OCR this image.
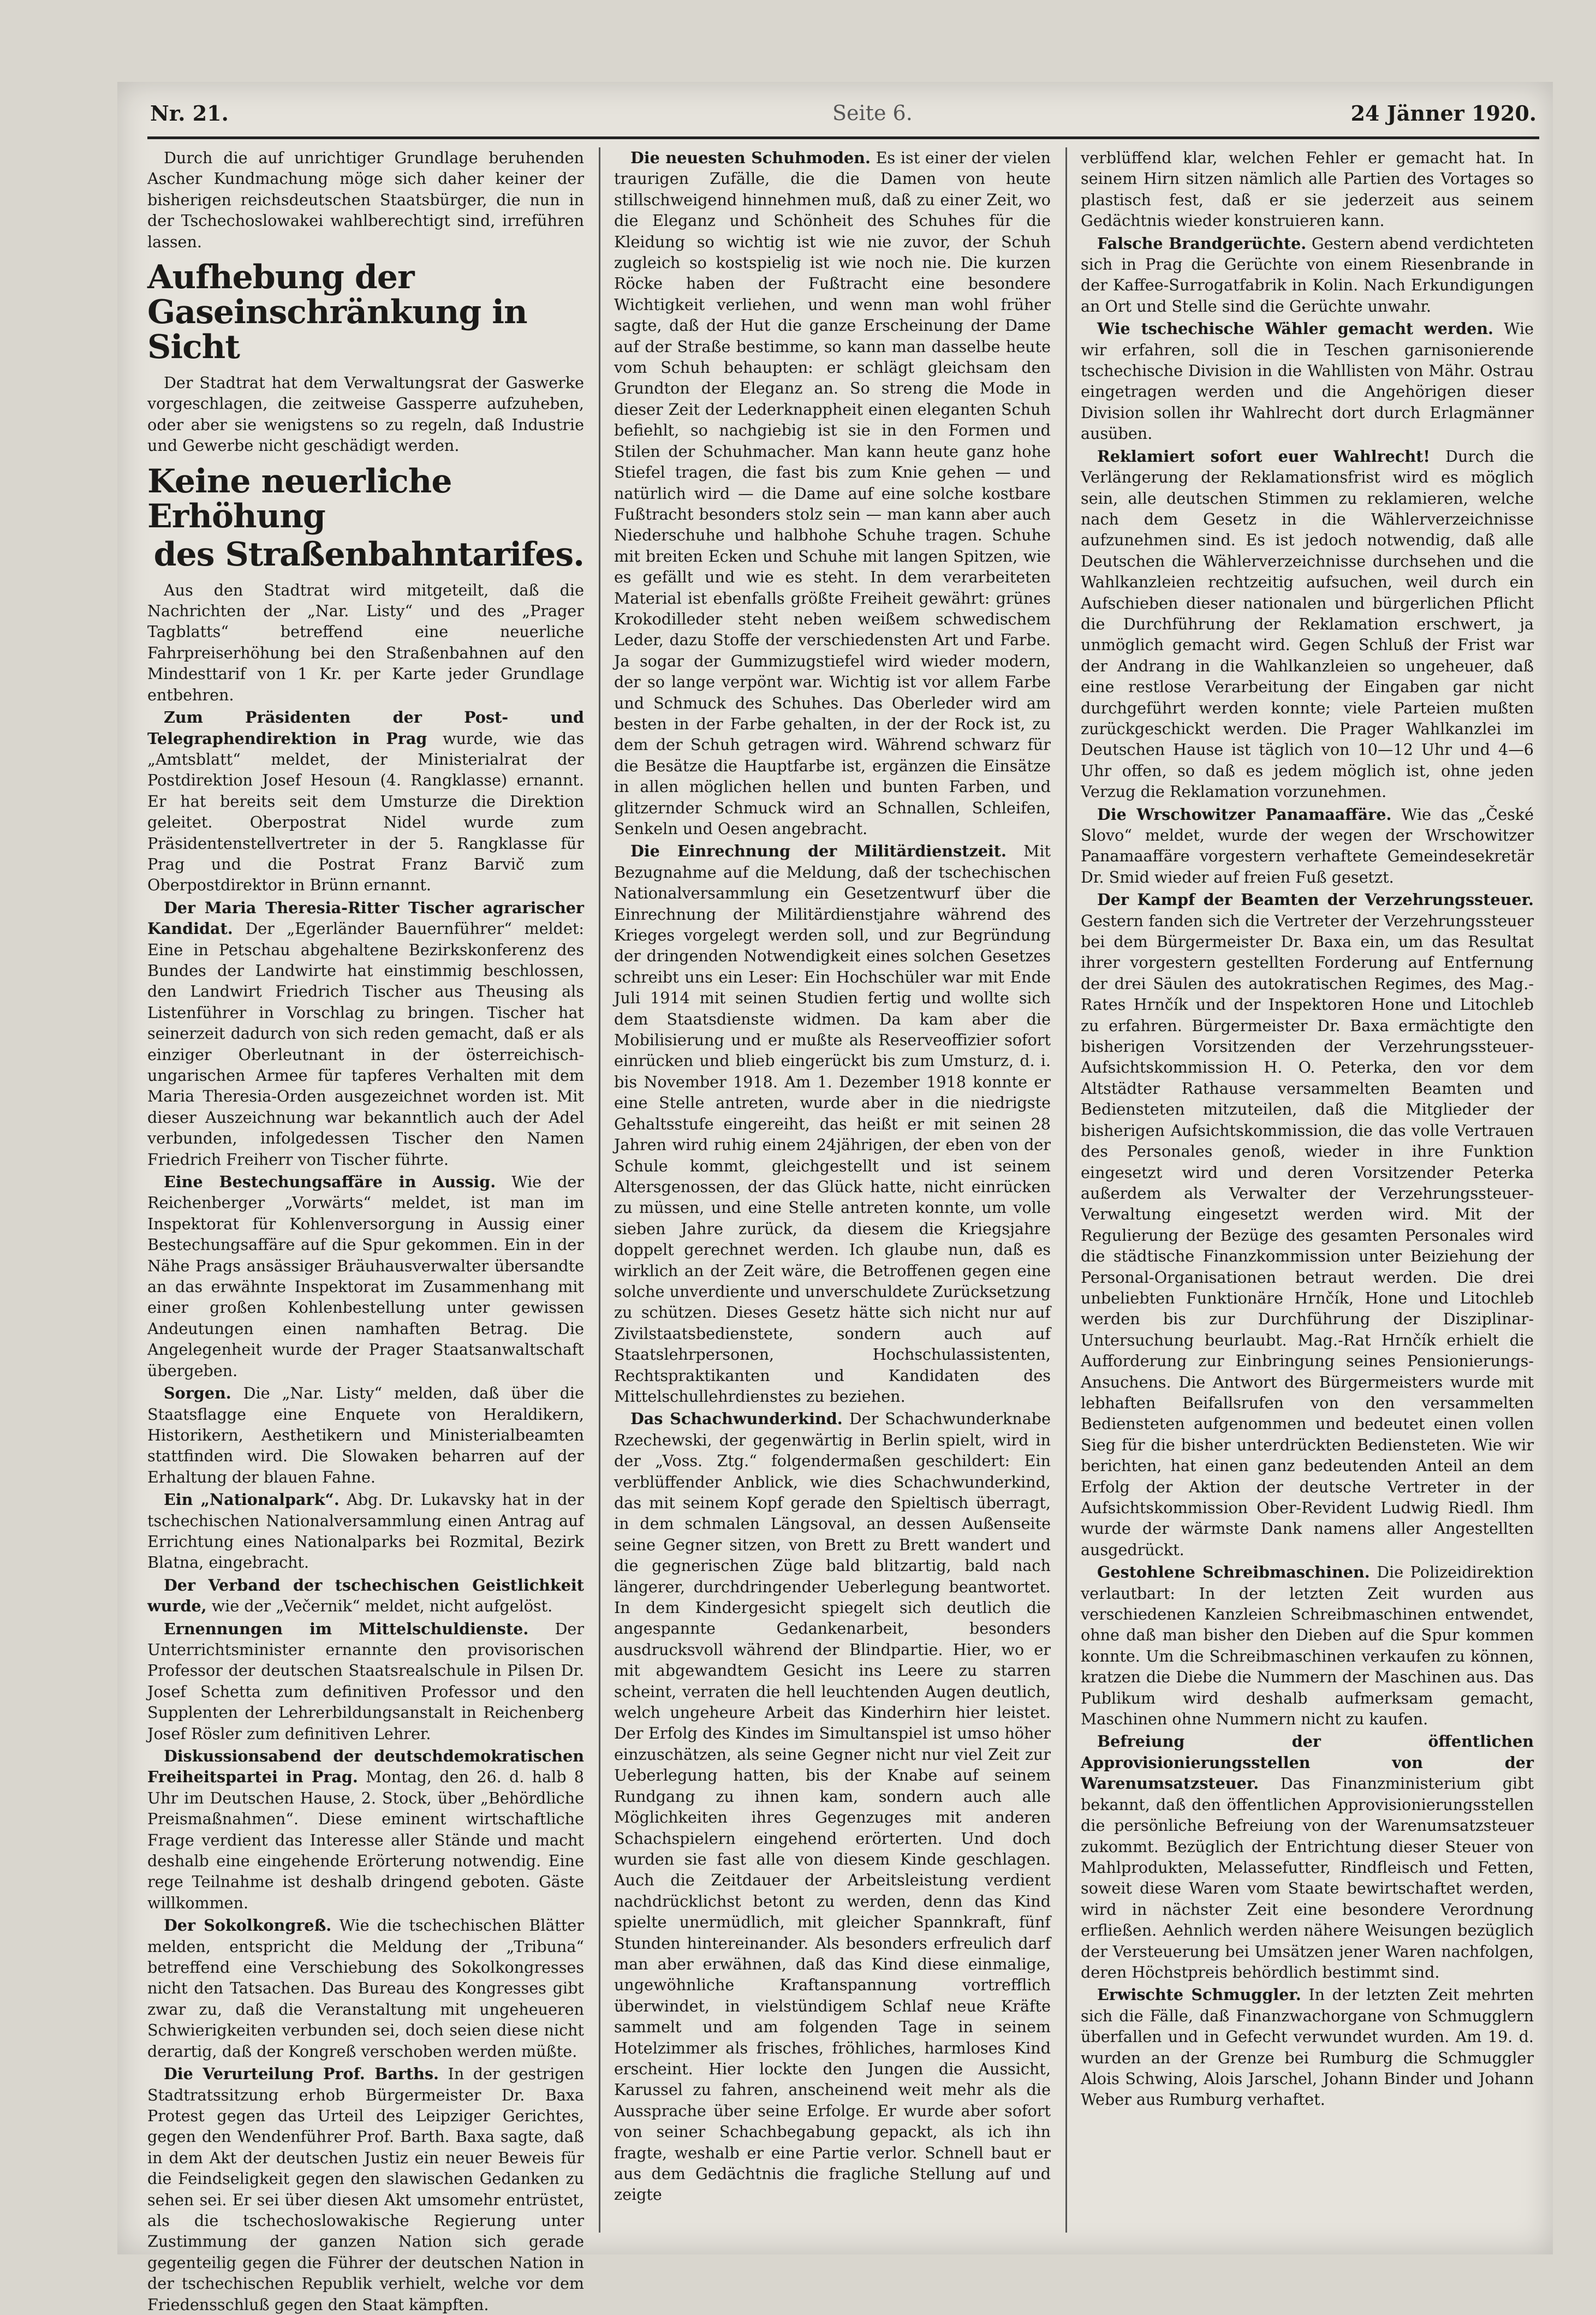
Nr. 21.	Seite 6.	24 Jänner 1920.

Durch die auf unrichtiger Grundlage beruhenden Ascher Kundmachung möge sich daher keiner der bisherigen reichsdeutschen Staatsbürger, die nun in der Tschechoslowakei wahlberechtigt sind, irreführen lassen.

Aufhebung der Gaseinschränkung in Sicht

Der Stadtrat hat dem Verwaltungsrat der Gaswerke vorgeschlagen, die zeitweise Gassperre aufzuheben, oder aber sie wenigstens so zu regeln, daß Industrie und Gewerbe nicht geschädigt werden.

Keine neuerliche Erhöhung
des Straßenbahntarifes.

Aus den Stadtrat wird mitgeteilt, daß die Nachrichten der „Nar. Listy“ und des „Prager Tagblatts“ betreffend eine neuerliche Fahrpreiserhöhung bei den Straßenbahnen auf den Mindesttarif von 1 Kr. per Karte jeder Grundlage entbehren.

Zum Präsidenten der Post- und Telegraphendirektion in Prag wurde, wie das „Amtsblatt“ meldet, der Ministerialrat der Postdirektion Josef Hesoun (4. Rangklasse) ernannt. Er hat bereits seit dem Umsturze die Direktion geleitet. Oberpostrat Nidel wurde zum Präsidentenstellvertreter in der 5. Rangklasse für Prag und die Postrat Franz Barvič zum Oberpostdirektor in Brünn ernannt.

Der Maria Theresia-Ritter Tischer agrarischer Kandidat. Der „Egerländer Bauernführer“ meldet: Eine in Petschau abgehaltene Bezirkskonferenz des Bundes der Landwirte hat einstimmig beschlossen, den Landwirt Friedrich Tischer aus Theusing als Listenführer in Vorschlag zu bringen. Tischer hat seinerzeit dadurch von sich reden gemacht, daß er als einziger Oberleutnant in der österreichisch-ungarischen Armee für tapferes Verhalten mit dem Maria Theresia-Orden ausgezeichnet worden ist. Mit dieser Auszeichnung war bekanntlich auch der Adel verbunden, infolgedessen Tischer den Namen Friedrich Freiherr von Tischer führte.

Eine Bestechungsaffäre in Aussig. Wie der Reichenberger „Vorwärts“ meldet, ist man im Inspektorat für Kohlenversorgung in Aussig einer Bestechungsaffäre auf die Spur gekommen. Ein in der Nähe Prags ansässiger Bräuhausverwalter übersandte an das erwähnte Inspektorat im Zusammenhang mit einer großen Kohlenbestellung unter gewissen Andeutungen einen namhaften Betrag. Die Angelegenheit wurde der Prager Staatsanwaltschaft übergeben.

Sorgen. Die „Nar. Listy“ melden, daß über die Staatsflagge eine Enquete von Heraldikern, Historikern, Aesthetikern und Ministerialbeamten stattfinden wird. Die Slowaken beharren auf der Erhaltung der blauen Fahne.

Ein „Nationalpark“. Abg. Dr. Lukavsky hat in der tschechischen Nationalversammlung einen Antrag auf Errichtung eines Nationalparks bei Rozmital, Bezirk Blatna, eingebracht.

Der Verband der tschechischen Geistlichkeit wurde, wie der „Večernik“ meldet, nicht aufgelöst.

Ernennungen im Mittelschuldienste. Der Unterrichtsminister ernannte den provisorischen Professor der deutschen Staatsrealschule in Pilsen Dr. Josef Schetta zum definitiven Professor und den Supplenten der Lehrerbildungsanstalt in Reichenberg Josef Rösler zum definitiven Lehrer.

Diskussionsabend der deutschdemokratischen Freiheitspartei in Prag. Montag, den 26. d. halb 8 Uhr im Deutschen Hause, 2. Stock, über „Behördliche Preismaßnahmen“. Diese eminent wirtschaftliche Frage verdient das Interesse aller Stände und macht deshalb eine eingehende Erörterung notwendig. Eine rege Teilnahme ist deshalb dringend geboten. Gäste willkommen.

Der Sokolkongreß. Wie die tschechischen Blätter melden, entspricht die Meldung der „Tribuna“ betreffend eine Verschiebung des Sokolkongresses nicht den Tatsachen. Das Bureau des Kongresses gibt zwar zu, daß die Veranstaltung mit ungeheueren Schwierigkeiten verbunden sei, doch seien diese nicht derartig, daß der Kongreß verschoben werden müßte.

Die Verurteilung Prof. Barths. In der gestrigen Stadtratssitzung erhob Bürgermeister Dr. Baxa Protest gegen das Urteil des Leipziger Gerichtes, gegen den Wendenführer Prof. Barth. Baxa sagte, daß in dem Akt der deutschen Justiz ein neuer Beweis für die Feindseligkeit gegen den slawischen Gedanken zu sehen sei. Er sei über diesen Akt umsomehr entrüstet, als die tschechoslowakische Regierung unter Zustimmung der ganzen Nation sich gerade gegenteilig gegen die Führer der deutschen Nation in der tschechischen Republik verhielt, welche vor dem Friedensschluß gegen den Staat kämpften.

Die neuesten Schuhmoden. Es ist einer der vielen traurigen Zufälle, die die Damen von heute stillschweigend hinnehmen muß, daß zu einer Zeit, wo die Eleganz und Schönheit des Schuhes für die Kleidung so wichtig ist wie nie zuvor, der Schuh zugleich so kostspielig ist wie noch nie. Die kurzen Röcke haben der Fußtracht eine besondere Wichtigkeit verliehen, und wenn man wohl früher sagte, daß der Hut die ganze Erscheinung der Dame auf der Straße bestimme, so kann man dasselbe heute vom Schuh behaupten: er schlägt gleichsam den Grundton der Eleganz an. So streng die Mode in dieser Zeit der Lederknappheit einen eleganten Schuh befiehlt, so nachgiebig ist sie in den Formen und Stilen der Schuhmacher. Man kann heute ganz hohe Stiefel tragen, die fast bis zum Knie gehen — und natürlich wird — die Dame auf eine solche kostbare Fußtracht besonders stolz sein — man kann aber auch Niederschuhe und halbhohe Schuhe tragen. Schuhe mit breiten Ecken und Schuhe mit langen Spitzen, wie es gefällt und wie es steht. In dem verarbeiteten Material ist ebenfalls größte Freiheit gewährt: grünes Krokodilleder steht neben weißem schwedischem Leder, dazu Stoffe der verschiedensten Art und Farbe. Ja sogar der Gummizugstiefel wird wieder modern, der so lange verpönt war. Wichtig ist vor allem Farbe und Schmuck des Schuhes. Das Oberleder wird am besten in der Farbe gehalten, in der der Rock ist, zu dem der Schuh getragen wird. Während schwarz für die Besätze die Hauptfarbe ist, ergänzen die Einsätze in allen möglichen hellen und bunten Farben, und glitzernder Schmuck wird an Schnallen, Schleifen, Senkeln und Oesen angebracht.

Die Einrechnung der Militärdienstzeit. Mit Bezugnahme auf die Meldung, daß der tschechischen Nationalversammlung ein Gesetzentwurf über die Einrechnung der Militärdienstjahre während des Krieges vorgelegt werden soll, und zur Begründung der dringenden Notwendigkeit eines solchen Gesetzes schreibt uns ein Leser: Ein Hochschüler war mit Ende Juli 1914 mit seinen Studien fertig und wollte sich dem Staatsdienste widmen. Da kam aber die Mobilisierung und er mußte als Reserveoffizier sofort einrücken und blieb eingerückt bis zum Umsturz, d. i. bis November 1918. Am 1. Dezember 1918 konnte er eine Stelle antreten, wurde aber in die niedrigste Gehaltsstufe eingereiht, das heißt er mit seinen 28 Jahren wird ruhig einem 24jährigen, der eben von der Schule kommt, gleichgestellt und ist seinem Altersgenossen, der das Glück hatte, nicht einrücken zu müssen, und eine Stelle antreten konnte, um volle sieben Jahre zurück, da diesem die Kriegsjahre doppelt gerechnet werden. Ich glaube nun, daß es wirklich an der Zeit wäre, die Betroffenen gegen eine solche unverdiente und unverschuldete Zurücksetzung zu schützen. Dieses Gesetz hätte sich nicht nur auf Zivilstaatsbedienstete, sondern auch auf Staatslehrpersonen, Hochschulassistenten, Rechtspraktikanten und Kandidaten des Mittelschullehrdienstes zu beziehen.

Das Schachwunderkind. Der Schachwunderknabe Rzechewski, der gegenwärtig in Berlin spielt, wird in der „Voss. Ztg.“ folgendermaßen geschildert: Ein verblüffender Anblick, wie dies Schachwunderkind, das mit seinem Kopf gerade den Spieltisch überragt, in dem schmalen Längsoval, an dessen Außenseite seine Gegner sitzen, von Brett zu Brett wandert und die gegnerischen Züge bald blitzartig, bald nach längerer, durchdringender Ueberlegung beantwortet. In dem Kindergesicht spiegelt sich deutlich die angespannte Gedankenarbeit, besonders ausdrucksvoll während der Blindpartie. Hier, wo er mit abgewandtem Gesicht ins Leere zu starren scheint, verraten die hell leuchtenden Augen deutlich, welch ungeheure Arbeit das Kinderhirn hier leistet. Der Erfolg des Kindes im Simultanspiel ist umso höher einzuschätzen, als seine Gegner nicht nur viel Zeit zur Ueberlegung hatten, bis der Knabe auf seinem Rundgang zu ihnen kam, sondern auch alle Möglichkeiten ihres Gegenzuges mit anderen Schachspielern eingehend erörterten. Und doch wurden sie fast alle von diesem Kinde geschlagen. Auch die Zeitdauer der Arbeitsleistung verdient nachdrücklichst betont zu werden, denn das Kind spielte unermüdlich, mit gleicher Spannkraft, fünf Stunden hintereinander. Als besonders erfreulich darf man aber erwähnen, daß das Kind diese einmalige, ungewöhnliche Kraftanspannung vortrefflich überwindet, in vielstündigem Schlaf neue Kräfte sammelt und am folgenden Tage in seinem Hotelzimmer als frisches, fröhliches, harmloses Kind erscheint. Hier lockte den Jungen die Aussicht, Karussel zu fahren, anscheinend weit mehr als die Aussprache über seine Erfolge. Er wurde aber sofort von seiner Schachbegabung gepackt, als ich ihn fragte, weshalb er eine Partie verlor. Schnell baut er aus dem Gedächtnis die fragliche Stellung auf und zeigte

verblüffend klar, welchen Fehler er gemacht hat. In seinem Hirn sitzen nämlich alle Partien des Vortages so plastisch fest, daß er sie jederzeit aus seinem Gedächtnis wieder konstruieren kann.

Falsche Brandgerüchte. Gestern abend verdichteten sich in Prag die Gerüchte von einem Riesenbrande in der Kaffee-Surrogatfabrik in Kolin. Nach Erkundigungen an Ort und Stelle sind die Gerüchte unwahr.

Wie tschechische Wähler gemacht werden. Wie wir erfahren, soll die in Teschen garnisonierende tschechische Division in die Wahllisten von Mähr. Ostrau eingetragen werden und die Angehörigen dieser Division sollen ihr Wahlrecht dort durch Erlagmänner ausüben.

Reklamiert sofort euer Wahlrecht! Durch die Verlängerung der Reklamationsfrist wird es möglich sein, alle deutschen Stimmen zu reklamieren, welche nach dem Gesetz in die Wählerverzeichnisse aufzunehmen sind. Es ist jedoch notwendig, daß alle Deutschen die Wählerverzeichnisse durchsehen und die Wahlkanzleien rechtzeitig aufsuchen, weil durch ein Aufschieben dieser nationalen und bürgerlichen Pflicht die Durchführung der Reklamation erschwert, ja unmöglich gemacht wird. Gegen Schluß der Frist war der Andrang in die Wahlkanzleien so ungeheuer, daß eine restlose Verarbeitung der Eingaben gar nicht durchgeführt werden konnte; viele Parteien mußten zurückgeschickt werden. Die Prager Wahlkanzlei im Deutschen Hause ist täglich von 10—12 Uhr und 4—6 Uhr offen, so daß es jedem möglich ist, ohne jeden Verzug die Reklamation vorzunehmen.

Die Wrschowitzer Panamaaffäre. Wie das „České Slovo“ meldet, wurde der wegen der Wrschowitzer Panamaaffäre vorgestern verhaftete Gemeindesekretär Dr. Smid wieder auf freien Fuß gesetzt.

Der Kampf der Beamten der Verzehrungssteuer. Gestern fanden sich die Vertreter der Verzehrungssteuer bei dem Bürgermeister Dr. Baxa ein, um das Resultat ihrer vorgestern gestellten Forderung auf Entfernung der drei Säulen des autokratischen Regimes, des Mag.-Rates Hrnčík und der Inspektoren Hone und Litochleb zu erfahren. Bürgermeister Dr. Baxa ermächtigte den bisherigen Vorsitzenden der Verzehrungssteuer-Aufsichtskommission H. O. Peterka, den vor dem Altstädter Rathause versammelten Beamten und Bediensteten mitzuteilen, daß die Mitglieder der bisherigen Aufsichtskommission, die das volle Vertrauen des Personales genoß, wieder in ihre Funktion eingesetzt wird und deren Vorsitzender Peterka außerdem als Verwalter der Verzehrungssteuer-Verwaltung eingesetzt werden wird. Mit der Regulierung der Bezüge des gesamten Personales wird die städtische Finanzkommission unter Beiziehung der Personal-Organisationen betraut werden. Die drei unbeliebten Funktionäre Hrnčík, Hone und Litochleb werden bis zur Durchführung der Disziplinar-Untersuchung beurlaubt. Mag.-Rat Hrnčík erhielt die Aufforderung zur Einbringung seines Pensionierungs-Ansuchens. Die Antwort des Bürgermeisters wurde mit lebhaften Beifallsrufen von den versammelten Bediensteten aufgenommen und bedeutet einen vollen Sieg für die bisher unterdrückten Bediensteten. Wie wir berichten, hat einen ganz bedeutenden Anteil an dem Erfolg der Aktion der deutsche Vertreter in der Aufsichtskommission Ober-Revident Ludwig Riedl. Ihm wurde der wärmste Dank namens aller Angestellten ausgedrückt.

Gestohlene Schreibmaschinen. Die Polizeidirektion verlautbart: In der letzten Zeit wurden aus verschiedenen Kanzleien Schreibmaschinen entwendet, ohne daß man bisher den Dieben auf die Spur kommen konnte. Um die Schreibmaschinen verkaufen zu können, kratzen die Diebe die Nummern der Maschinen aus. Das Publikum wird deshalb aufmerksam gemacht, Maschinen ohne Nummern nicht zu kaufen.

Befreiung der öffentlichen Approvisionierungsstellen von der Warenumsatzsteuer. Das Finanzministerium gibt bekannt, daß den öffentlichen Approvisionierungsstellen die persönliche Befreiung von der Warenumsatzsteuer zukommt. Bezüglich der Entrichtung dieser Steuer von Mahlprodukten, Melassefutter, Rindfleisch und Fetten, soweit diese Waren vom Staate bewirtschaftet werden, wird in nächster Zeit eine besondere Verordnung erfließen. Aehnlich werden nähere Weisungen bezüglich der Versteuerung bei Umsätzen jener Waren nachfolgen, deren Höchstpreis behördlich bestimmt sind.

Erwischte Schmuggler. In der letzten Zeit mehrten sich die Fälle, daß Finanzwachorgane von Schmugglern überfallen und in Gefecht verwundet wurden. Am 19. d. wurden an der Grenze bei Rumburg die Schmuggler Alois Schwing, Alois Jarschel, Johann Binder und Johann Weber aus Rumburg verhaftet.
